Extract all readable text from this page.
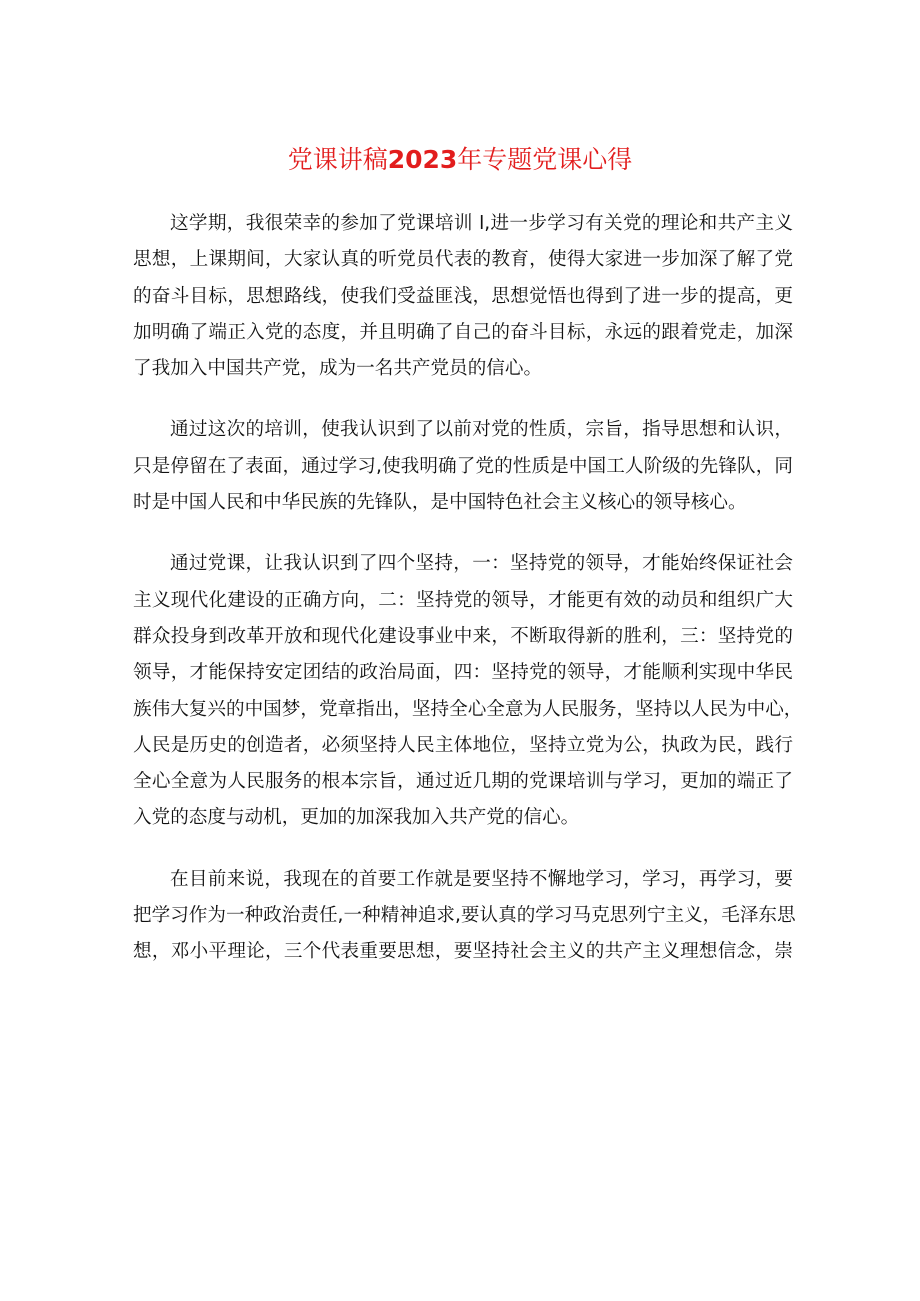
党课讲稿2023年专题党课心得
这学期，我很荣幸的参加了党课培训 l,进一步学习有关党的理论和共产主义
思想，上课期间，大家认真的听党员代表的教育，使得大家进一步加深了解了党
的奋斗目标，思想路线，使我们受益匪浅，思想觉悟也得到了进一步的提高，更
加明确了端正入党的态度，并且明确了自己的奋斗目标，永远的跟着党走，加深
了我加入中国共产党，成为一名共产党员的信心。
通过这次的培训，使我认识到了以前对党的性质，宗旨，指导思想和认识，
只是停留在了表面，通过学习,使我明确了党的性质是中国工人阶级的先锋队，同
时是中国人民和中华民族的先锋队，是中国特色社会主义核心的领导核心。
通过党课，让我认识到了四个坚持，一：坚持党的领导，才能始终保证社会
主义现代化建设的正确方向，二：坚持党的领导，才能更有效的动员和组织广大
群众投身到改革开放和现代化建设事业中来，不断取得新的胜利，三：坚持党的
领导，才能保持安定团结的政治局面，四：坚持党的领导，才能顺利实现中华民
族伟大复兴的中国梦，党章指出，坚持全心全意为人民服务，坚持以人民为中心，
人民是历史的创造者，必须坚持人民主体地位，坚持立党为公，执政为民，践行
全心全意为人民服务的根本宗旨，通过近几期的党课培训与学习，更加的端正了
入党的态度与动机，更加的加深我加入共产党的信心。
在目前来说，我现在的首要工作就是要坚持不懈地学习，学习，再学习，要
把学习作为一种政治责任,一种精神追求,要认真的学习马克思列宁主义，毛泽东思
想，邓小平理论，三个代表重要思想，要坚持社会主义的共产主义理想信念，崇
